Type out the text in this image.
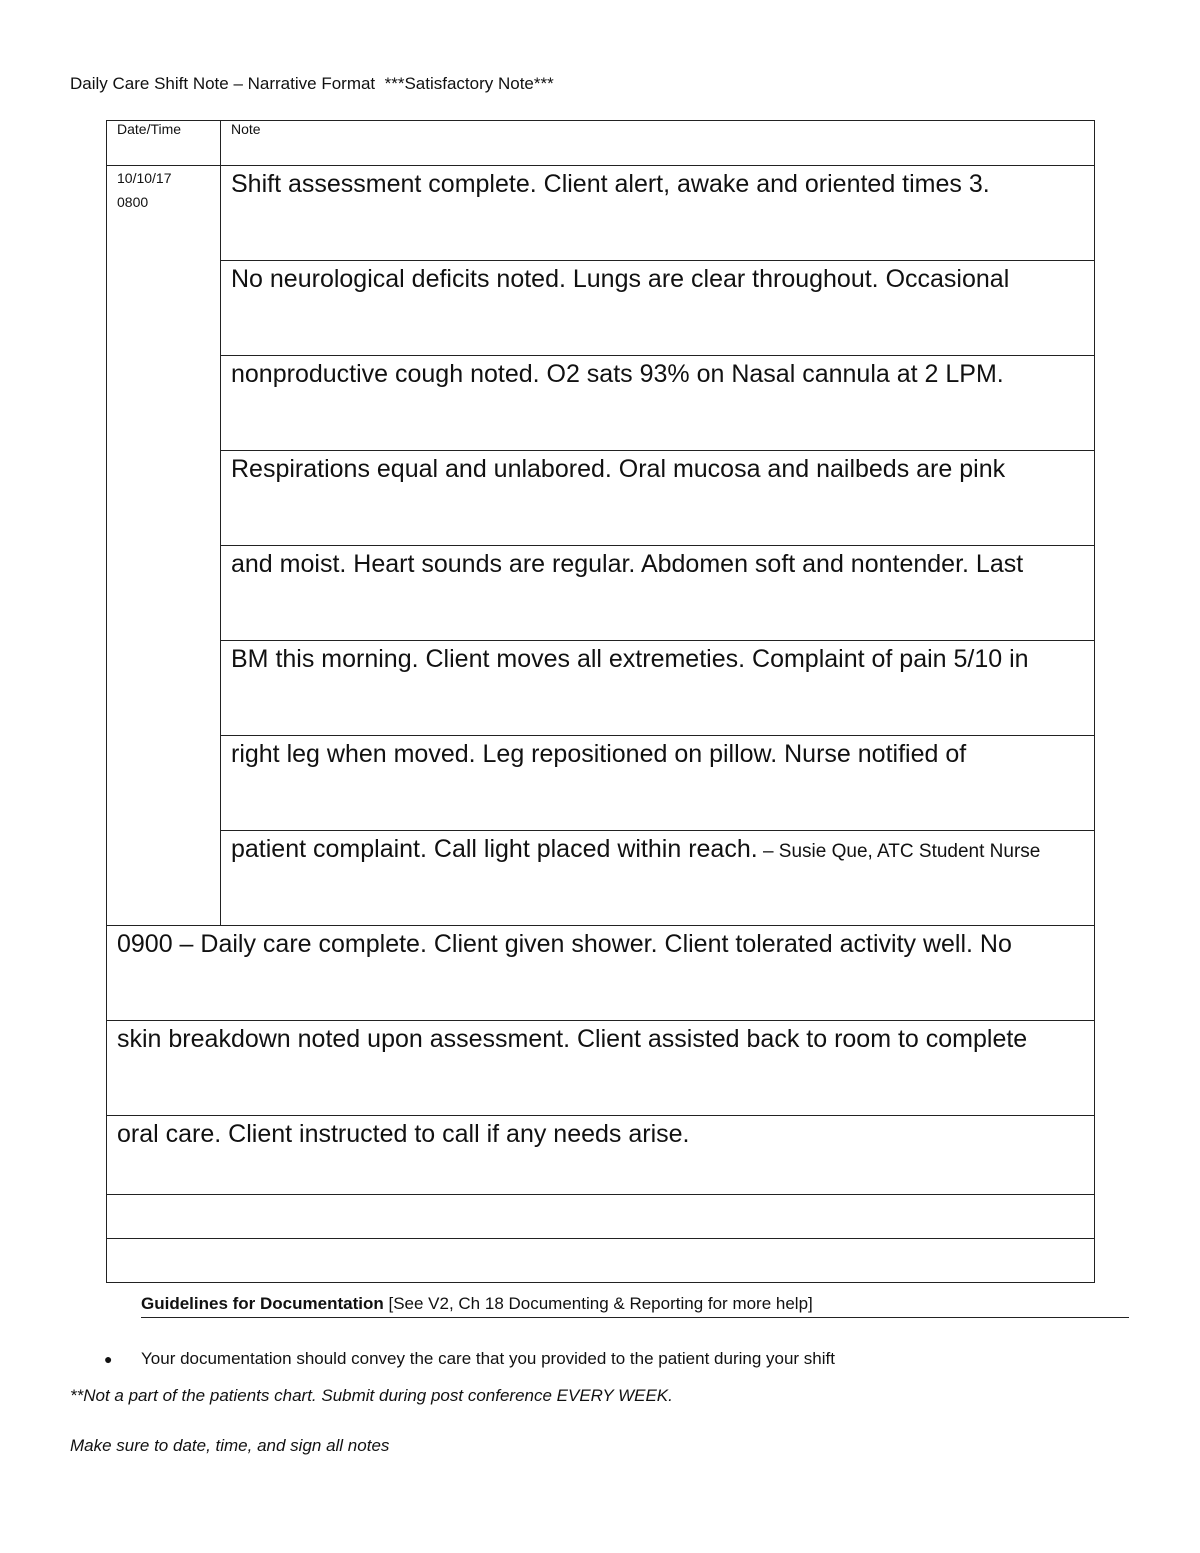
Daily Care Shift Note – Narrative Format  ***Satisfactory Note***
Date/Time	Note

10/10/17
0800	Shift assessment complete. Client alert, awake and oriented times 3.
	No neurological deficits noted. Lungs are clear throughout. Occasional
	nonproductive cough noted. O2 sats 93% on Nasal cannula at 2 LPM.
	Respirations equal and unlabored. Oral mucosa and nailbeds are pink
	and moist. Heart sounds are regular. Abdomen soft and nontender. Last
	BM this morning. Client moves all extremeties. Complaint of pain 5/10 in
	right leg when moved. Leg repositioned on pillow. Nurse notified of
	patient complaint. Call light placed within reach. – Susie Que, ATC Student Nurse
0900 – Daily care complete. Client given shower. Client tolerated activity well. No	
skin breakdown noted upon assessment. Client assisted back to room to complete	
oral care. Client instructed to call if any needs arise.	

Guidelines for Documentation [See V2, Ch 18 Documenting & Reporting for more help]
● Your documentation should convey the care that you provided to the patient during your shift
**Not a part of the patients chart. Submit during post conference EVERY WEEK.
Make sure to date, time, and sign all notes
